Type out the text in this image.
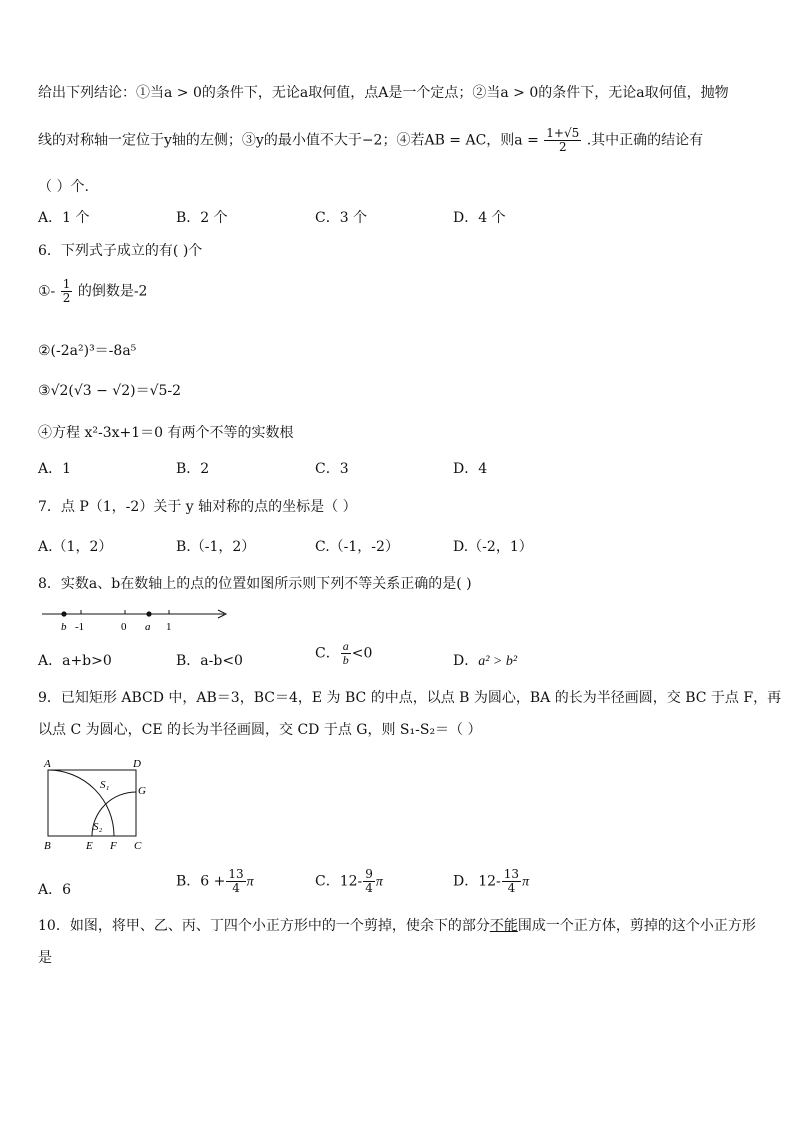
给出下列结论：①当a > 0的条件下，无论a取何值，点A是一个定点；②当a > 0的条件下，无论a取何值，抛物
线的对称轴一定位于y轴的左侧；③y的最小值不大于−2；④若AB = AC，则$a = \frac{1+√5}{2}$ .其中正确的结论有
（ ）个.
A．1 个	B．2 个	C．3 个	D．4 个
6．下列式子成立的有( )个
①- $\frac{1}{2}$ 的倒数是-2
②(-2a²)³＝-8a⁵
③√2(√3 − √2)＝√5-2
④方程 x²-3x+1＝0 有两个不等的实数根
A．1	B．2	C．3	D．4
7．点 P（1，-2）关于 y 轴对称的点的坐标是（ ）
A.（1，2）	B.（-1，2）	C.（-1，-2）	D.（-2，1）
8．实数a、b在数轴上的点的位置如图所示则下列不等关系正确的是( )
b -1	0 a 1
A．a+b>0	B．a-b<0	C． $\frac{a}{b} <0$	D．a² > b²
9．已知矩形 ABCD 中，AB＝3，BC＝4，E 为 BC 的中点，以点 B 为圆心，BA 的长为半径画圆，交 BC 于点 F，再
以点 C 为圆心，CE 的长为半径画圆，交 CD 于点 G，则 S₁-S₂＝（ ）
A	D
S₁	G
S₂
B	E F C
A．6
B．$6 + \frac{13}{4}$ π	C．$12- \frac{9}{4}$ π	D．$12- \frac{13}{4}$ π
10．如图，将甲、乙、丙、丁四个小正方形中的一个剪掉，使余下的部分不能围成一个正方体，剪掉的这个小正方形
是
